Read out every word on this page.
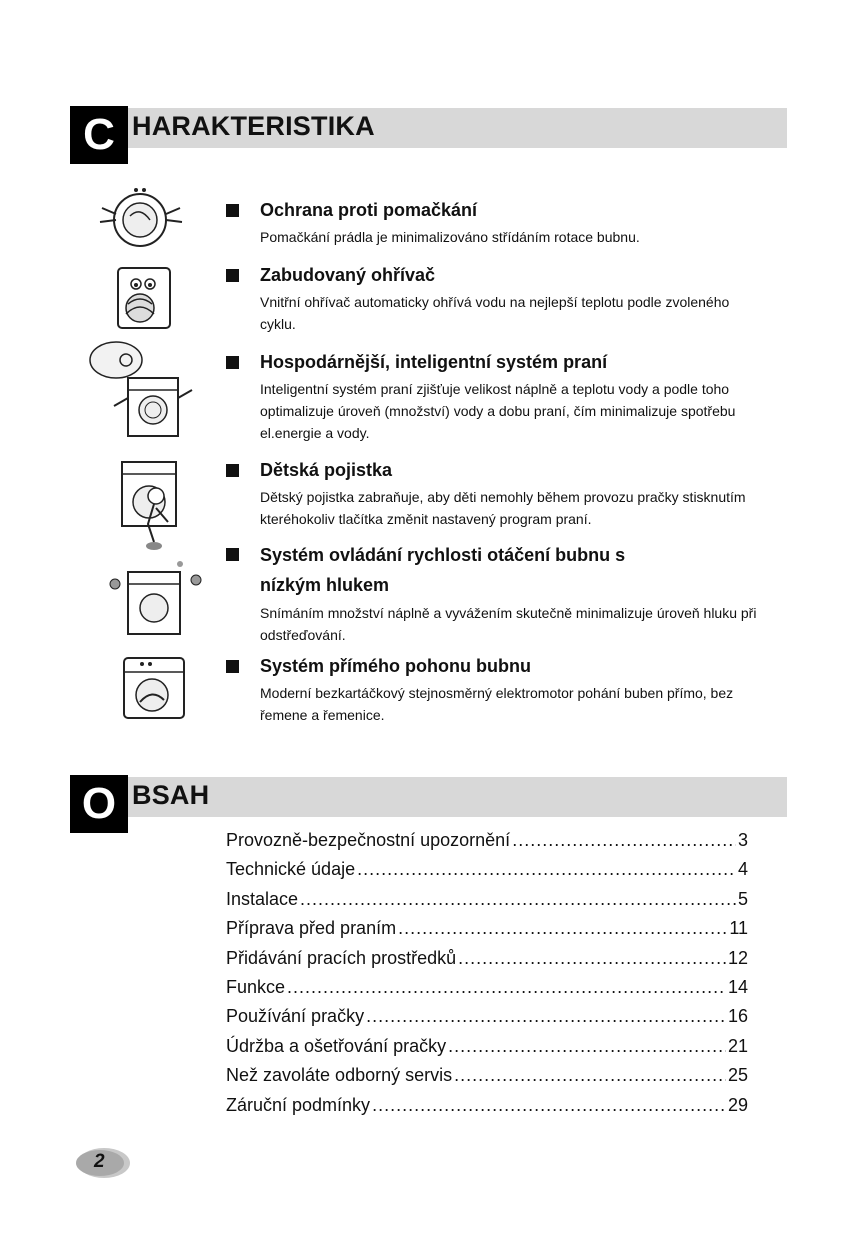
C HARAKTERISTIKA
Ochrana proti pomačkání
Pomačkání prádla je minimalizováno střídáním rotace bubnu.
Zabudovaný ohřívač
Vnitřní ohřívač automaticky ohřívá vodu na nejlepší teplotu podle zvoleného cyklu.
Hospodárnější, inteligentní systém praní
Inteligentní systém praní zjišťuje velikost náplně a teplotu vody a podle toho optimalizuje úroveň (množství) vody a dobu praní, čím minimalizuje spotřebu el.energie a vody.
Dětská pojistka
Dětský pojistka zabraňuje, aby děti nemohly během provozu pračky stisknutím kteréhokoliv tlačítka změnit nastavený program praní.
Systém ovládání rychlosti otáčení bubnu s nízkým hlukem
Snímáním množství náplně a vyvážením skutečně minimalizuje úroveň hluku při odstřeďování.
Systém přímého pohonu bubnu
Moderní bezkartáčkový stejnosměrný elektromotor pohání buben přímo, bez řemene a řemenice.
O BSAH
Provozně-bezpečnostní upozornění .....	3
Technické údaje .....	4
Instalace .....	5
Příprava před praním .....	11
Přidávání pracích prostředků .....	12
Funkce .....	14
Používání pračky .....	16
Údržba a ošetřování pračky .....	21
Než zavoláte odborný servis .....	25
Záruční podmínky .....	29
2
